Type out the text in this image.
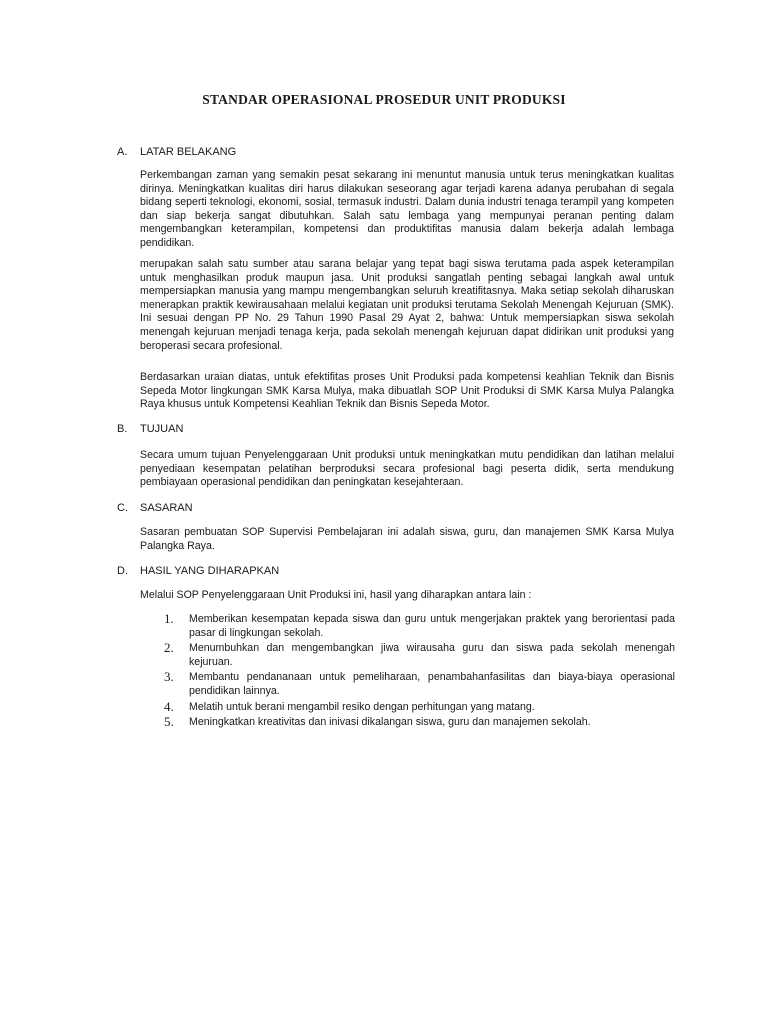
STANDAR OPERASIONAL PROSEDUR UNIT PRODUKSI
A. LATAR BELAKANG

Perkembangan zaman yang semakin pesat sekarang ini menuntut manusia untuk terus meningkatkan kualitas dirinya. Meningkatkan kualitas diri harus dilakukan seseorang agar terjadi karena adanya perubahan di segala bidang seperti teknologi, ekonomi, sosial, termasuk industri. Dalam dunia industri tenaga terampil yang kompeten dan siap bekerja sangat dibutuhkan. Salah satu lembaga yang mempunyai peranan penting dalam mengembangkan keterampilan, kompetensi dan produktifitas manusia dalam bekerja adalah lembaga pendidikan.

merupakan salah satu sumber atau sarana belajar yang tepat bagi siswa terutama pada aspek keterampilan untuk menghasilkan produk maupun jasa. Unit produksi sangatlah penting sebagai langkah awal untuk mempersiapkan manusia yang mampu mengembangkan seluruh kreatifitasnya. Maka setiap sekolah diharuskan menerapkan praktik kewirausahaan melalui kegiatan unit produksi terutama Sekolah Menengah Kejuruan (SMK). Ini sesuai dengan PP No. 29 Tahun 1990 Pasal 29 Ayat 2, bahwa: Untuk mempersiapkan siswa sekolah menengah kejuruan menjadi tenaga kerja, pada sekolah menengah kejuruan dapat didirikan unit produksi yang beroperasi secara profesional.

Berdasarkan uraian diatas, untuk efektifitas proses Unit Produksi pada kompetensi keahlian Teknik dan Bisnis Sepeda Motor lingkungan SMK Karsa Mulya, maka dibuatlah SOP Unit Produksi di SMK Karsa Mulya Palangka Raya khusus untuk Kompetensi Keahlian Teknik dan Bisnis Sepeda Motor.

B. TUJUAN

Secara umum tujuan Penyelenggaraan Unit produksi untuk meningkatkan mutu pendidikan dan latihan melalui penyediaan kesempatan pelatihan berproduksi secara profesional bagi peserta didik, serta mendukung pembiayaan operasional pendidikan dan peningkatan kesejahteraan.

C. SASARAN

Sasaran pembuatan SOP Supervisi Pembelajaran ini adalah siswa, guru, dan manajemen SMK Karsa Mulya Palangka Raya.

D. HASIL YANG DIHARAPKAN

Melalui SOP Penyelenggaraan Unit Produksi ini, hasil yang diharapkan antara lain :

1. Memberikan kesempatan kepada siswa dan guru untuk mengerjakan praktek yang berorientasi pada pasar di lingkungan sekolah.
2. Menumbuhkan dan mengembangkan jiwa wirausaha guru dan siswa pada sekolah menengah kejuruan.
3. Membantu pendananaan untuk pemeliharaan, penambahanfasilitas dan biaya-biaya operasional pendidikan lainnya.
4. Melatih untuk berani mengambil resiko dengan perhitungan yang matang.
5. Meningkatkan kreativitas dan inivasi dikalangan siswa, guru dan manajemen sekolah.
